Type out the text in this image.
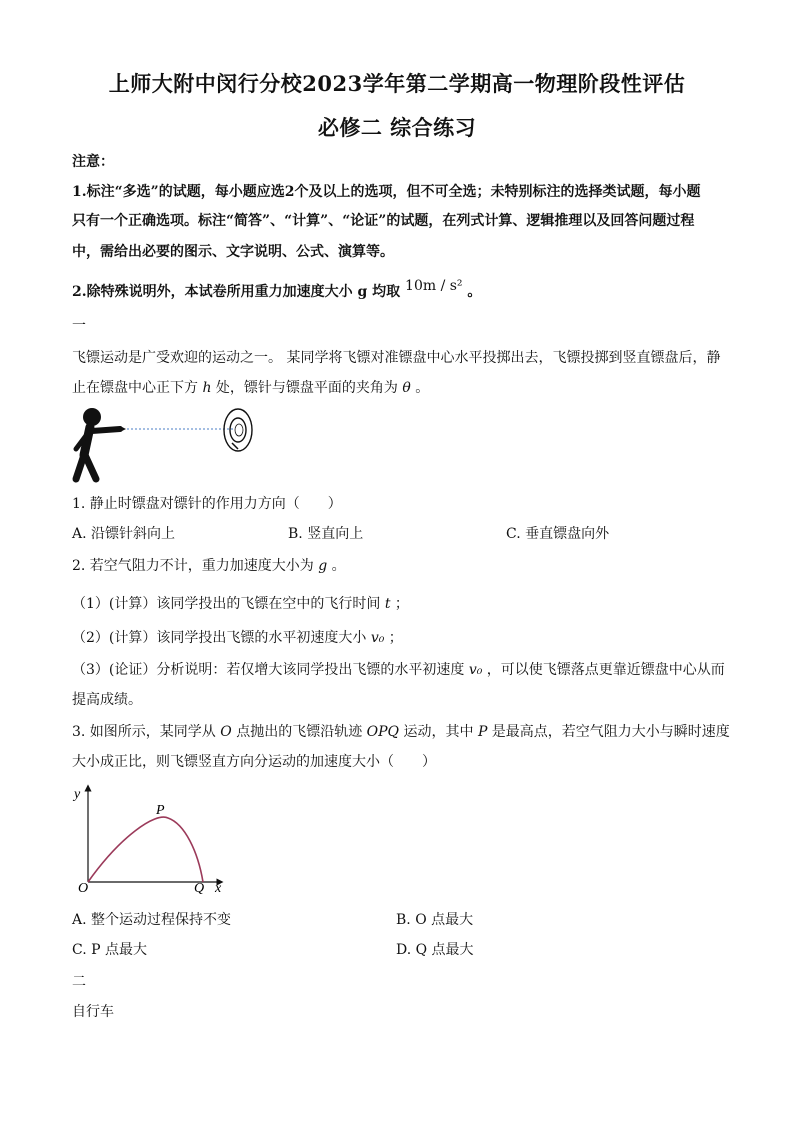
上师大附中闵行分校2023学年第二学期高一物理阶段性评估
必修二 综合练习
注意：
1.标注“多选”的试题，每小题应选2个及以上的选项，但不可全选；未特别标注的选择类试题，每小题
只有一个正确选项。标注“简答”、“计算”、“论证”的试题，在列式计算、逻辑推理以及回答问题过程
中，需给出必要的图示、文字说明、公式、演算等。
2.除特殊说明外，本试卷所用重力加速度大小 g 均取 10m / s² 。
一
飞镖运动是广受欢迎的运动之一。 某同学将飞镖对准镖盘中心水平投掷出去，飞镖投掷到竖直镖盘后，静
止在镖盘中心正下方 h 处，镖针与镖盘平面的夹角为 θ 。
1. 静止时镖盘对镖针的作用力方向（　　）
A. 沿镖针斜向上	B. 竖直向上	C. 垂直镖盘向外
2. 若空气阻力不计，重力加速度大小为 g 。
（1）(计算）该同学投出的飞镖在空中的飞行时间 t ；
（2）(计算）该同学投出飞镖的水平初速度大小 v₀ ；
（3）(论证）分析说明：若仅增大该同学投出飞镖的水平初速度 v₀ ，可以使飞镖落点更靠近镖盘中心从而
提高成绩。
3. 如图所示，某同学从 O 点抛出的飞镖沿轨迹 OPQ 运动，其中 P 是最高点，若空气阻力大小与瞬时速度
大小成正比，则飞镖竖直方向分运动的加速度大小（　　）
y
x
O
P
Q
A. 整个运动过程保持不变	B. O 点最大
C. P 点最大	D. Q 点最大
二
自行车
